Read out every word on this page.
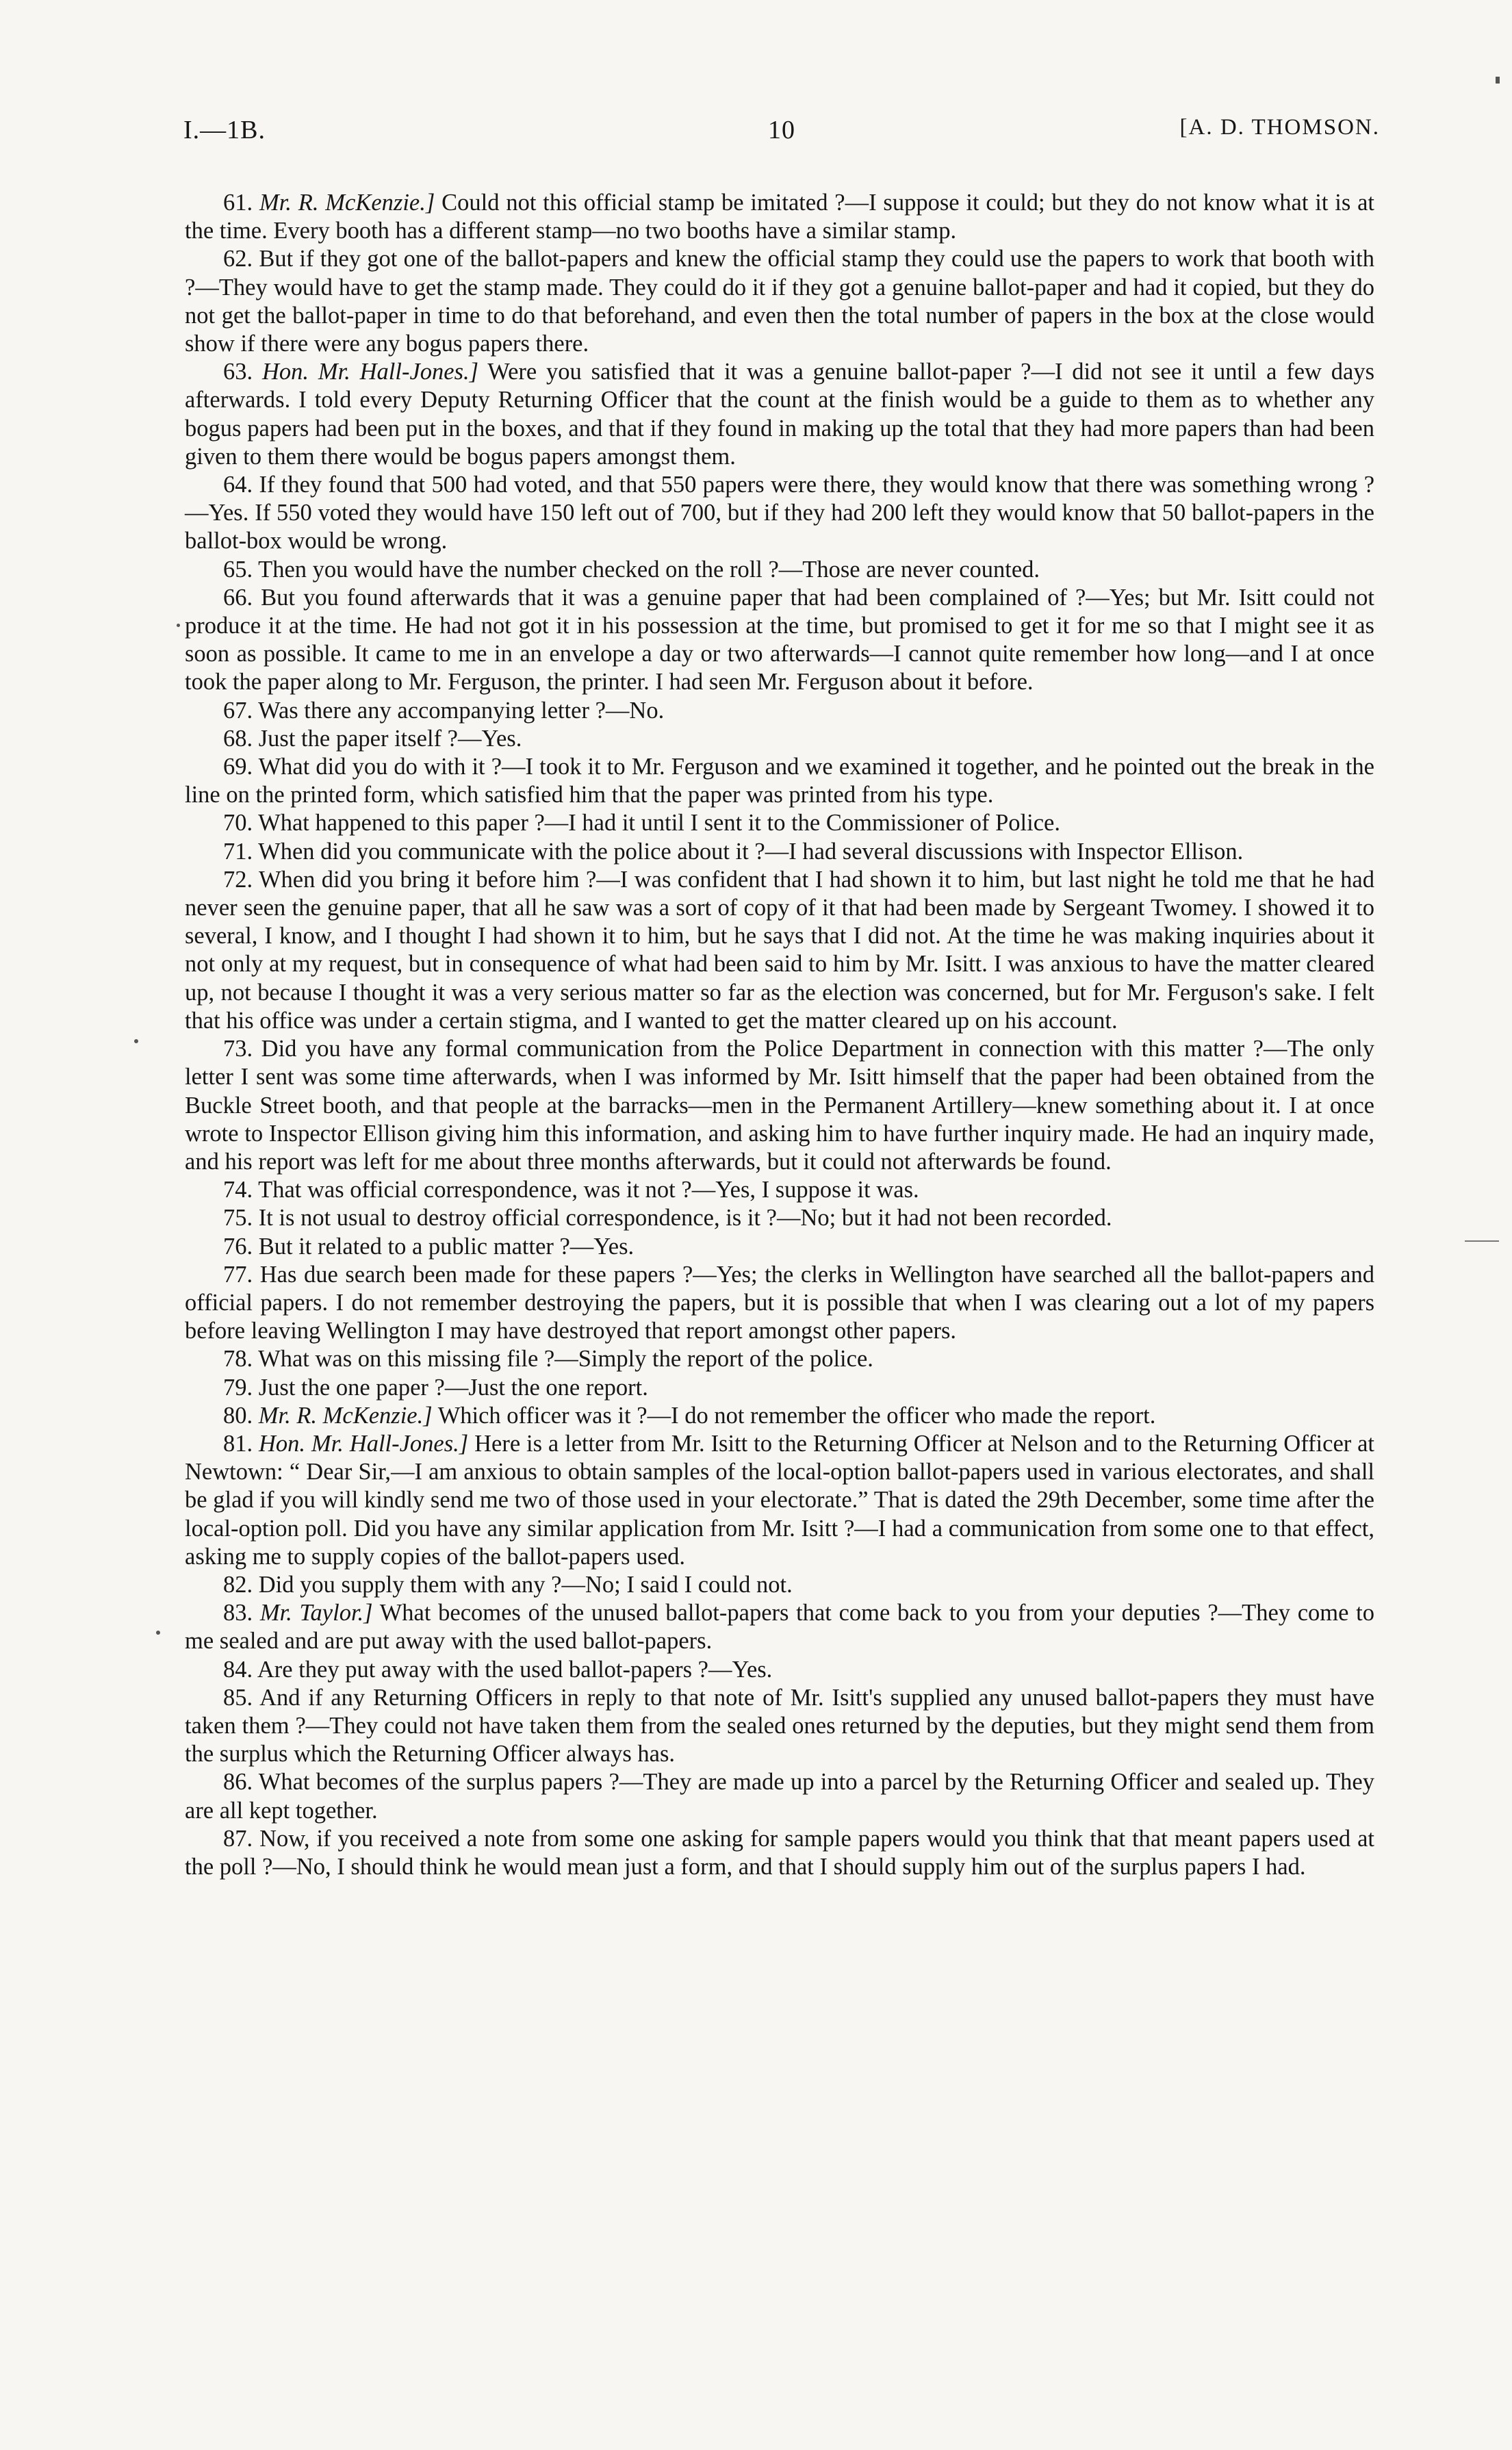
I.—1B.	10	[A. D. THOMSON.

61. Mr. R. McKenzie.] Could not this official stamp be imitated ?—I suppose it could; but they do not know what it is at the time. Every booth has a different stamp—no two booths have a similar stamp.

62. But if they got one of the ballot-papers and knew the official stamp they could use the papers to work that booth with ?—They would have to get the stamp made. They could do it if they got a genuine ballot-paper and had it copied, but they do not get the ballot-paper in time to do that beforehand, and even then the total number of papers in the box at the close would show if there were any bogus papers there.

63. Hon. Mr. Hall-Jones.] Were you satisfied that it was a genuine ballot-paper ?—I did not see it until a few days afterwards. I told every Deputy Returning Officer that the count at the finish would be a guide to them as to whether any bogus papers had been put in the boxes, and that if they found in making up the total that they had more papers than had been given to them there would be bogus papers amongst them.

64. If they found that 500 had voted, and that 550 papers were there, they would know that there was something wrong ?—Yes. If 550 voted they would have 150 left out of 700, but if they had 200 left they would know that 50 ballot-papers in the ballot-box would be wrong.

65. Then you would have the number checked on the roll ?—Those are never counted.

66. But you found afterwards that it was a genuine paper that had been complained of ?—Yes; but Mr. Isitt could not produce it at the time. He had not got it in his possession at the time, but promised to get it for me so that I might see it as soon as possible. It came to me in an envelope a day or two afterwards—I cannot quite remember how long—and I at once took the paper along to Mr. Ferguson, the printer. I had seen Mr. Ferguson about it before.

67. Was there any accompanying letter ?—No.

68. Just the paper itself ?—Yes.

69. What did you do with it ?—I took it to Mr. Ferguson and we examined it together, and he pointed out the break in the line on the printed form, which satisfied him that the paper was printed from his type.

70. What happened to this paper ?—I had it until I sent it to the Commissioner of Police.

71. When did you communicate with the police about it ?—I had several discussions with Inspector Ellison.

72. When did you bring it before him ?—I was confident that I had shown it to him, but last night he told me that he had never seen the genuine paper, that all he saw was a sort of copy of it that had been made by Sergeant Twomey. I showed it to several, I know, and I thought I had shown it to him, but he says that I did not. At the time he was making inquiries about it not only at my request, but in consequence of what had been said to him by Mr. Isitt. I was anxious to have the matter cleared up, not because I thought it was a very serious matter so far as the election was concerned, but for Mr. Ferguson's sake. I felt that his office was under a certain stigma, and I wanted to get the matter cleared up on his account.

73. Did you have any formal communication from the Police Department in connection with this matter ?—The only letter I sent was some time afterwards, when I was informed by Mr. Isitt himself that the paper had been obtained from the Buckle Street booth, and that people at the barracks—men in the Permanent Artillery—knew something about it. I at once wrote to Inspector Ellison giving him this information, and asking him to have further inquiry made. He had an inquiry made, and his report was left for me about three months afterwards, but it could not afterwards be found.

74. That was official correspondence, was it not ?—Yes, I suppose it was.

75. It is not usual to destroy official correspondence, is it ?—No; but it had not been recorded.

76. But it related to a public matter ?—Yes.

77. Has due search been made for these papers ?—Yes; the clerks in Wellington have searched all the ballot-papers and official papers. I do not remember destroying the papers, but it is possible that when I was clearing out a lot of my papers before leaving Wellington I may have destroyed that report amongst other papers.

78. What was on this missing file ?—Simply the report of the police.

79. Just the one paper ?—Just the one report.

80. Mr. R. McKenzie.] Which officer was it ?—I do not remember the officer who made the report.

81. Hon. Mr. Hall-Jones.] Here is a letter from Mr. Isitt to the Returning Officer at Nelson and to the Returning Officer at Newtown: “ Dear Sir,—I am anxious to obtain samples of the local-option ballot-papers used in various electorates, and shall be glad if you will kindly send me two of those used in your electorate.” That is dated the 29th December, some time after the local-option poll. Did you have any similar application from Mr. Isitt ?—I had a communication from some one to that effect, asking me to supply copies of the ballot-papers used.

82. Did you supply them with any ?—No; I said I could not.

83. Mr. Taylor.] What becomes of the unused ballot-papers that come back to you from your deputies ?—They come to me sealed and are put away with the used ballot-papers.

84. Are they put away with the used ballot-papers ?—Yes.

85. And if any Returning Officers in reply to that note of Mr. Isitt's supplied any unused ballot-papers they must have taken them ?—They could not have taken them from the sealed ones returned by the deputies, but they might send them from the surplus which the Returning Officer always has.

86. What becomes of the surplus papers ?—They are made up into a parcel by the Returning Officer and sealed up. They are all kept together.

87. Now, if you received a note from some one asking for sample papers would you think that that meant papers used at the poll ?—No, I should think he would mean just a form, and that I should supply him out of the surplus papers I had.
